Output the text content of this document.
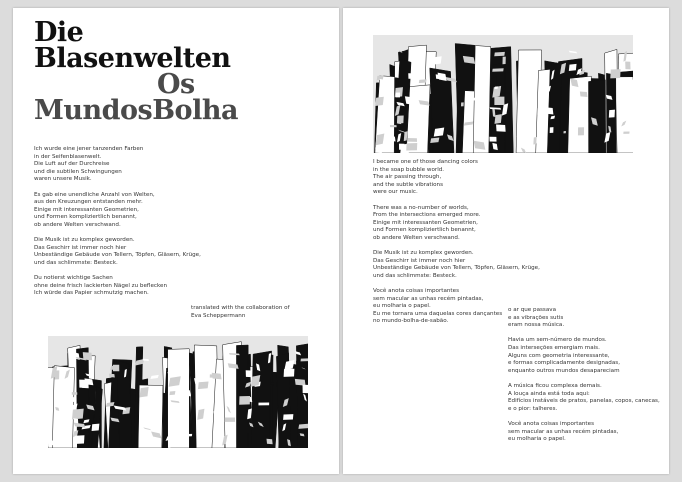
Die
Blasenwelten
Os
MundosBolha

Ich wurde eine jener tanzenden Farben
in der Seifenblasenwelt.
Die Luft auf der Durchreise
und die subtilen Schwingungen
waren unsere Musik.

Es gab eine unendliche Anzahl von Welten,
aus den Kreuzungen entstanden mehr.
Einige mit interessanten Geometrien,
und Formen kompliziertlich benannt,
ob andere Welten verschwand.

Die Musik ist zu komplex geworden.
Das Geschirr ist immer noch hier
Unbeständige Gebäude von Tellern, Töpfen, Gläsern, Krüge,
und das schlimmste: Besteck.

Du notierst wichtige Sachen
ohne deine frisch lackierten Nägel zu beflecken
Ich würde das Papier schmutzig machen.

translated with the collaboration of
Eva Scheppermann

I became one of those dancing colors
in the soap bubble world.
The air passing through,
and the subtle vibrations
were our music.

There was a no-number of worlds,
From the intersections emerged more.
Einige mit interessanten Geometrien,
und Formen kompliziertlich benannt,
ob andere Welten verschwand.

Die Musik ist zu komplex geworden.
Das Geschirr ist immer noch hier
Unbeständige Gebäude von Tellern, Töpfen, Gläsern, Krüge,
und das schlimmste: Besteck.

Você anota coisas importantes
sem macular as unhas recém pintadas,
eu molharia o papel.
Eu me tornara uma daquelas cores dançantes
no mundo-bolha-de-sabão.

o ar que passava
e as vibrações sutis
eram nossa música.

Havia um sem-número de mundos.
Das interseções emergiam mais.
Alguns com geometria interessante,
e formas complicadamente designadas,
enquanto outros mundos desapareciam

A música ficou complexa demais.
A louça ainda está toda aqui:
Edifícios instáveis de pratos, panelas, copos, canecas,
e o pior: talheres.

Você anota coisas importantes
sem macular as unhas recém pintadas,
eu molharia o papel.
